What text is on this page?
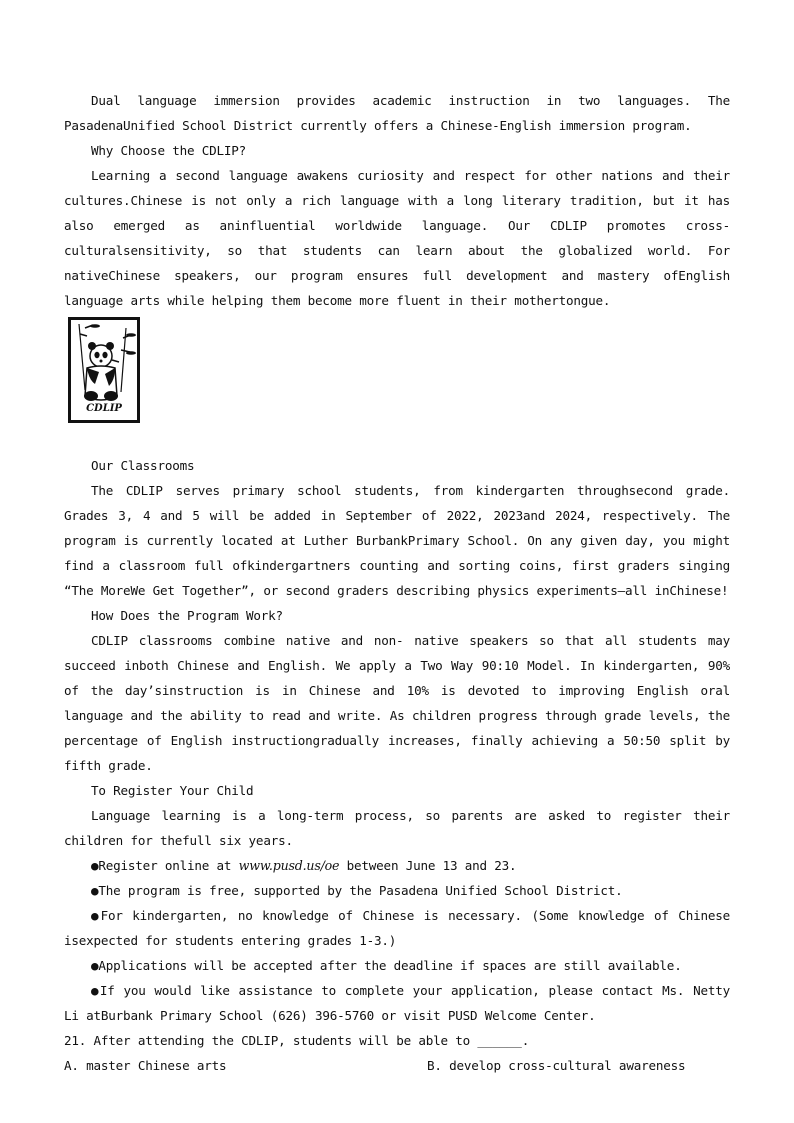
Dual language immersion provides academic instruction in two languages. The PasadenaUnified School District currently offers a Chinese-English immersion program.

Why Choose the CDLIP?

Learning a second language awakens curiosity and respect for other nations and their cultures.Chinese is not only a rich language with a long literary tradition, but it has also emerged as aninfluential worldwide language. Our CDLIP promotes cross- culturalsensitivity, so that students can learn about the globalized world. For nativeChinese speakers, our program ensures full development and mastery ofEnglish language arts while helping them become more fluent in their mothertongue.

CDLIP

Our Classrooms

The CDLIP serves primary school students, from kindergarten throughsecond grade. Grades 3, 4 and 5 will be added in September of 2022, 2023and 2024, respectively. The program is currently located at Luther BurbankPrimary School. On any given day, you might find a classroom full ofkindergartners counting and sorting coins, first graders singing “The MoreWe Get Together”, or second graders describing physics experiments—all inChinese!

How Does the Program Work?

CDLIP classrooms combine native and non- native speakers so that all students may succeed inboth Chinese and English. We apply a Two Way 90:10 Model. In kindergarten, 90% of the day’sinstruction is in Chinese and 10% is devoted to improving English oral language and the ability to read and write. As children progress through grade levels, the percentage of English instructiongradually increases, finally achieving a 50:50 split by fifth grade.

To Register Your Child

Language learning is a long-term process, so parents are asked to register their children for thefull six years.

●Register online at www.pusd.us/oe between June 13 and 23.

●The program is free, supported by the Pasadena Unified School District.

●For kindergarten, no knowledge of Chinese is necessary. (Some knowledge of Chinese isexpected for students entering grades 1-3.)

●Applications will be accepted after the deadline if spaces are still available.

●If you would like assistance to complete your application, please contact Ms. Netty Li atBurbank Primary School (626) 396-5760 or visit PUSD Welcome Center.

21. After attending the CDLIP, students will be able to ______.

A. master Chinese arts	B. develop cross-cultural awareness
